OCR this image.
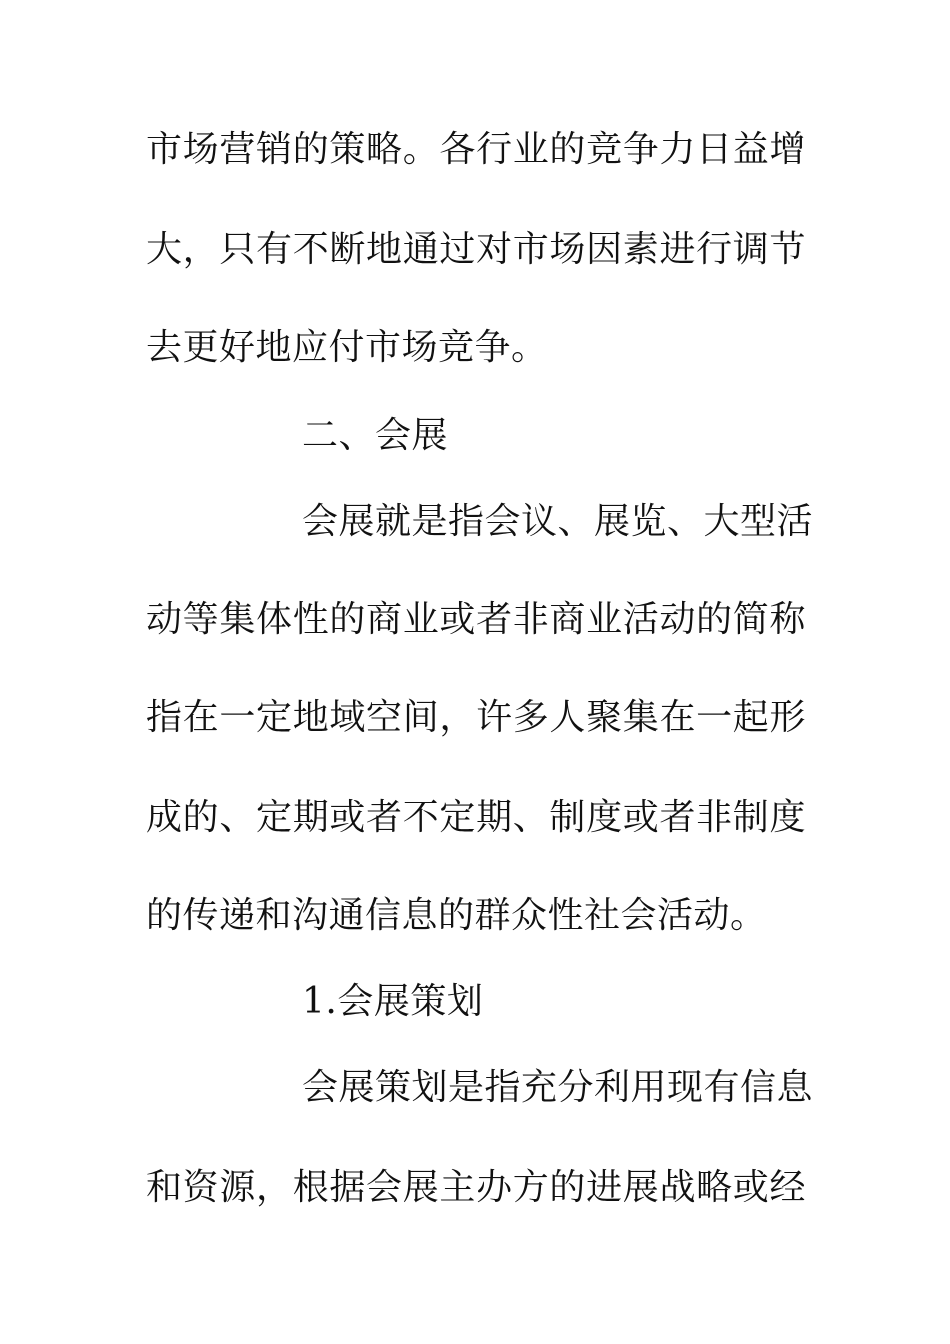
市场营销的策略。各行业的竞争力日益增
大，只有不断地通过对市场因素进行调节
去更好地应付市场竞争。
二、会展
会展就是指会议、展览、大型活
动等集体性的商业或者非商业活动的简称
指在一定地域空间，许多人聚集在一起形
成的、定期或者不定期、制度或者非制度
的传递和沟通信息的群众性社会活动。
1.会展策划
会展策划是指充分利用现有信息
和资源，根据会展主办方的进展战略或经
